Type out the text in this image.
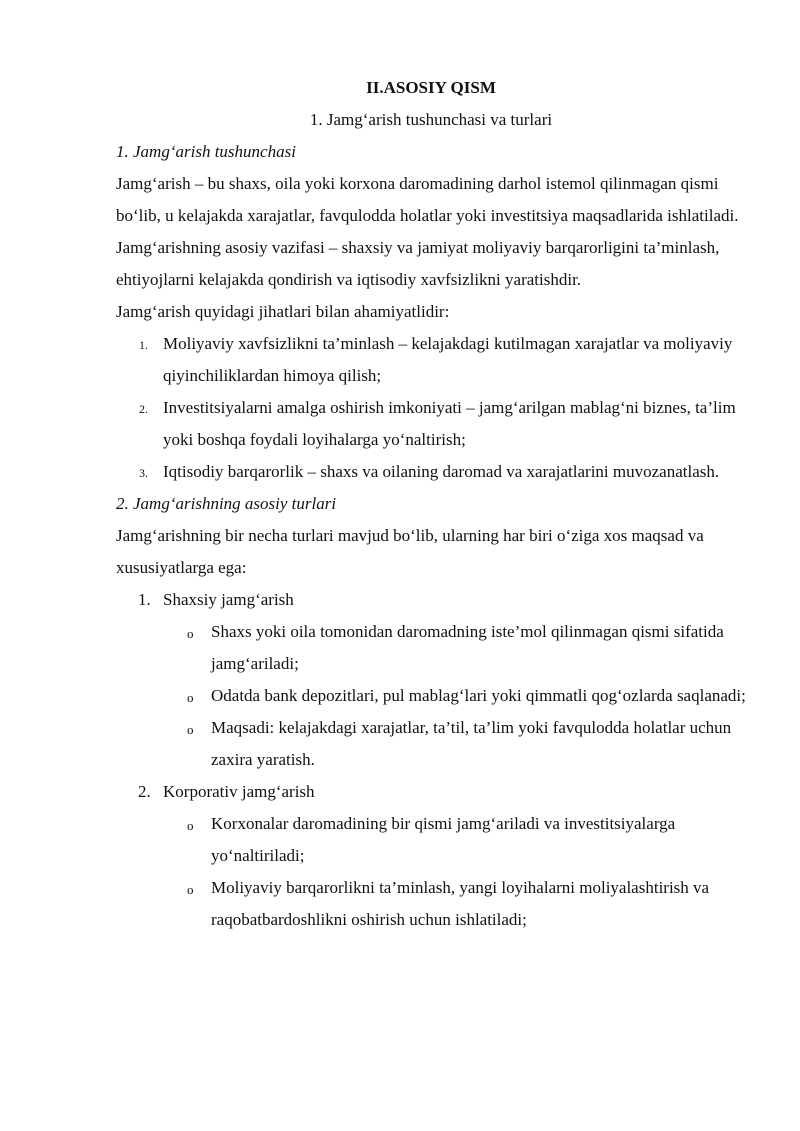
II.ASOSIY QISM

1. Jamg‘arish tushunchasi va turlari

1. Jamg‘arish tushunchasi

Jamg‘arish – bu shaxs, oila yoki korxona daromadining darhol istemol qilinmagan qismi bo‘lib, u kelajakda xarajatlar, favqulodda holatlar yoki investitsiya maqsadlarida ishlatiladi. Jamg‘arishning asosiy vazifasi – shaxsiy va jamiyat moliyaviy barqarorligini ta’minlash, ehtiyojlarni kelajakda qondirish va iqtisodiy xavfsizlikni yaratishdir.

Jamg‘arish quyidagi jihatlari bilan ahamiyatlidir:

1. Moliyaviy xavfsizlikni ta’minlash – kelajakdagi kutilmagan xarajatlar va moliyaviy qiyinchiliklardan himoya qilish;
2. Investitsiyalarni amalga oshirish imkoniyati – jamg‘arilgan mablag‘ni biznes, ta’lim yoki boshqa foydali loyihalarga yo‘naltirish;
3. Iqtisodiy barqarorlik – shaxs va oilaning daromad va xarajatlarini muvozanatlash.

2. Jamg‘arishning asosiy turlari

Jamg‘arishning bir necha turlari mavjud bo‘lib, ularning har biri o‘ziga xos maqsad va xususiyatlarga ega:

1. Shaxsiy jamg‘arish
o Shaxs yoki oila tomonidan daromadning iste’mol qilinmagan qismi sifatida jamg‘ariladi;
o Odatda bank depozitlari, pul mablag‘lari yoki qimmatli qog‘ozlarda saqlanadi;
o Maqsadi: kelajakdagi xarajatlar, ta’til, ta’lim yoki favqulodda holatlar uchun zaxira yaratish.
2. Korporativ jamg‘arish
o Korxonalar daromadining bir qismi jamg‘ariladi va investitsiyalarga yo‘naltiriladi;
o Moliyaviy barqarorlikni ta’minlash, yangi loyihalarni moliyalashtirish va raqobatbardoshlikni oshirish uchun ishlatiladi;
